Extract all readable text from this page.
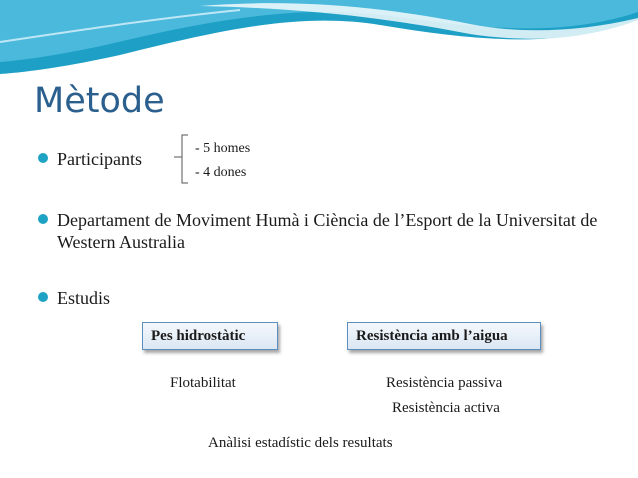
Mètode
Participants
- 5 homes
- 4 dones
Departament de Moviment Humà i Ciència de l’Esport de la Universitat de Western Australia
Estudis
Pes hidrostàtic	Resistència amb l’aigua
Flotabilitat	Resistència passiva
Resistència activa
Anàlisi estadístic dels resultats
